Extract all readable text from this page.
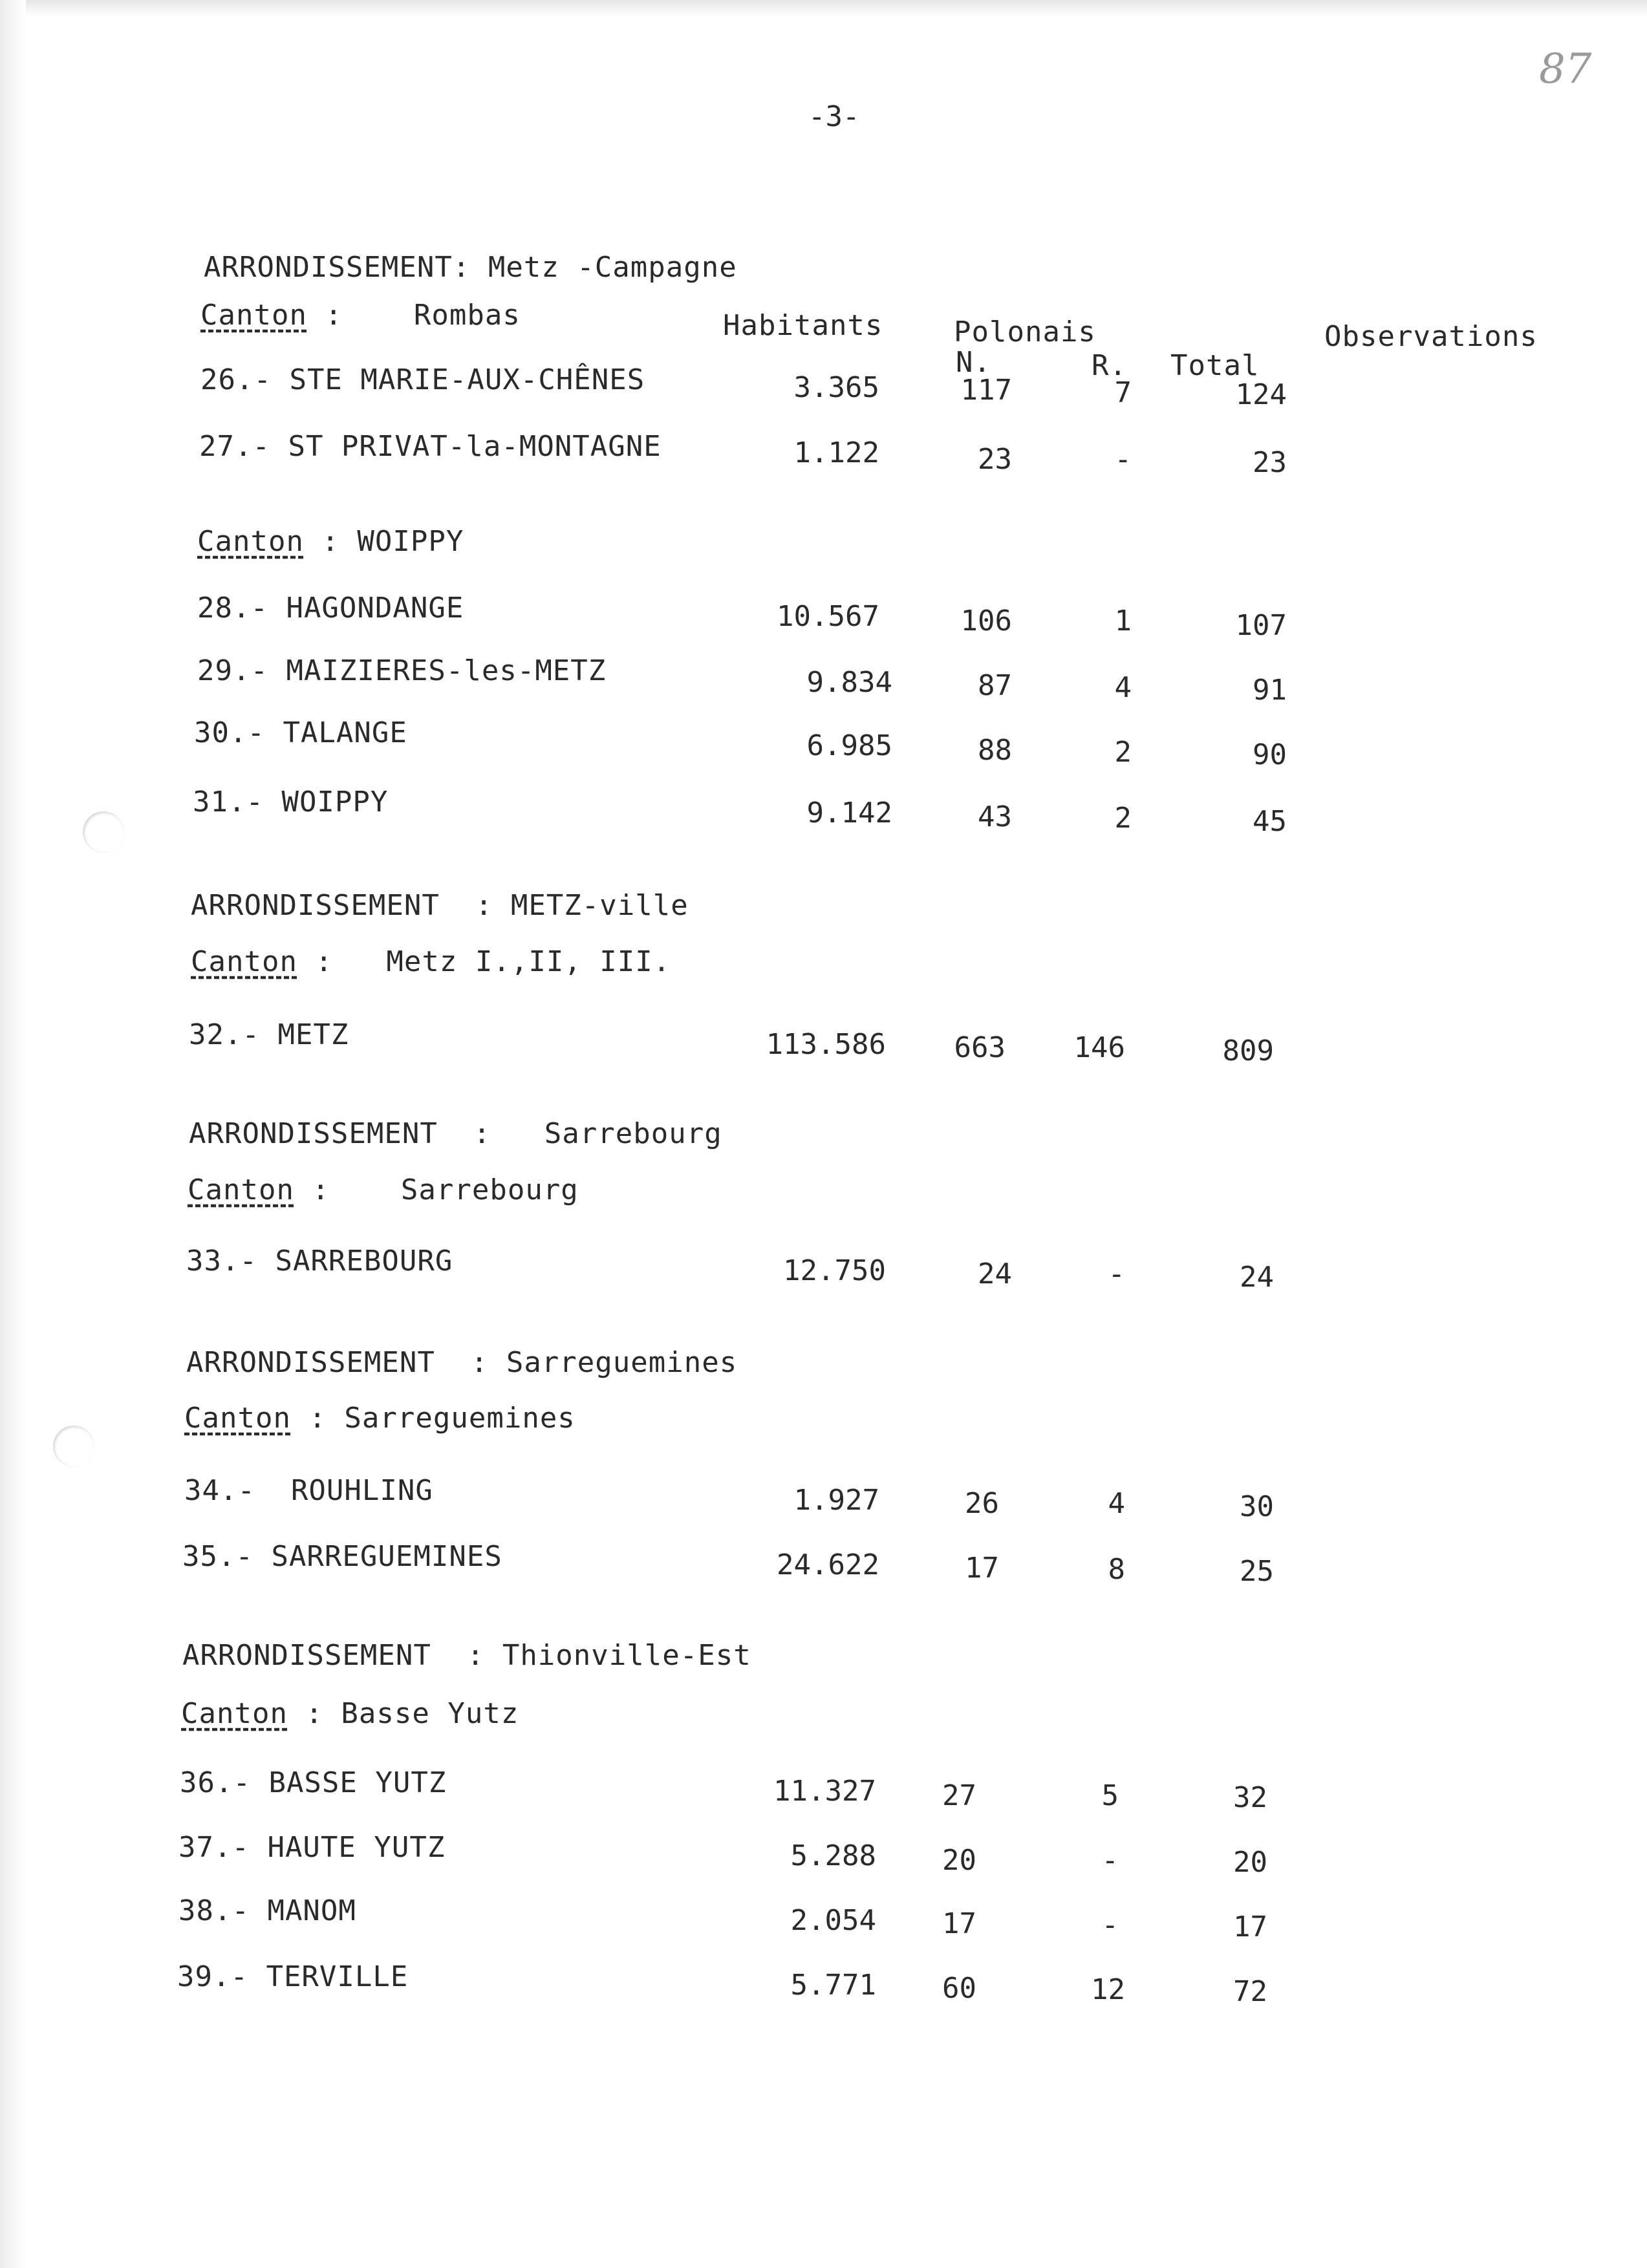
87
-3-
ARRONDISSEMENT: Metz -Campagne
Canton :    Rombas	Habitants Polonais	Observations
N.	R. Total
26.- STE MARIE-AUX-CHÊNES	3.365	117	7	124
27.- ST PRIVAT-la-MONTAGNE	1.122	23	-	23
Canton : WOIPPY
28.- HAGONDANGE	10.567	106	1	107
29.- MAIZIERES-les-METZ	9.834	87	4	91
30.- TALANGE	6.985	88	2	90
31.- WOIPPY	9.142	43	2	45
ARRONDISSEMENT  : METZ-ville
Canton :   Metz I.,II, III.
32.- METZ	113.586	663	146	809
ARRONDISSEMENT  :   Sarrebourg
Canton :    Sarrebourg
33.- SARREBOURG	12.750	24	-	24
ARRONDISSEMENT  : Sarreguemines
Canton : Sarreguemines
34.-  ROUHLING	1.927	26	4	30
35.- SARREGUEMINES	24.622	17	8	25
ARRONDISSEMENT  : Thionville-Est
Canton : Basse Yutz
36.- BASSE YUTZ	11.327	27	5	32
37.- HAUTE YUTZ	5.288	20	-	20
38.- MANOM	2.054	17	-	17
39.- TERVILLE	5.771	60	12	72
